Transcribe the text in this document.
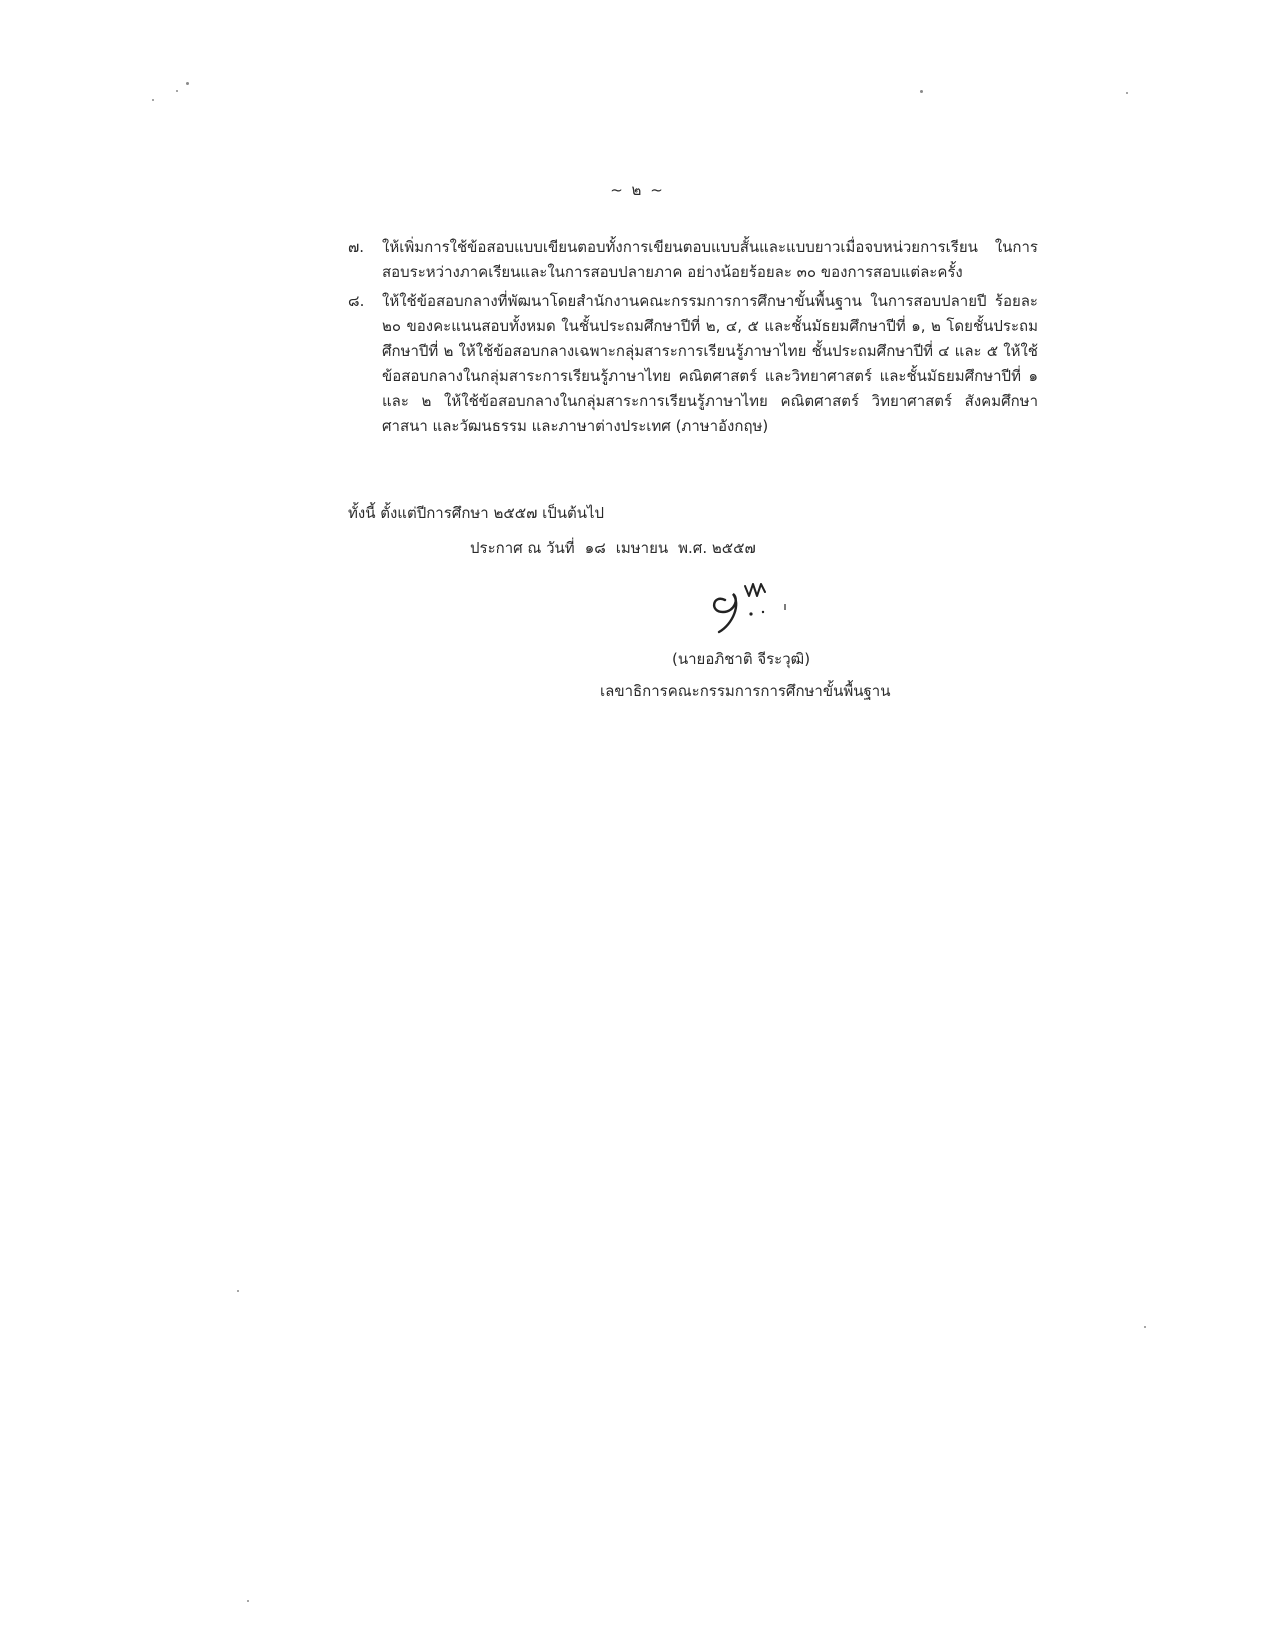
~ ๒ ~

๗. ให้เพิ่มการใช้ข้อสอบแบบเขียนตอบทั้งการเขียนตอบแบบสั้นและแบบยาวเมื่อจบหน่วยการเรียน ในการสอบระหว่างภาคเรียนและในการสอบปลายภาค อย่างน้อยร้อยละ ๓๐ ของการสอบแต่ละครั้ง

๘. ให้ใช้ข้อสอบกลางที่พัฒนาโดยสำนักงานคณะกรรมการการศึกษาขั้นพื้นฐาน ในการสอบปลายปี ร้อยละ ๒๐ ของคะแนนสอบทั้งหมด ในชั้นประถมศึกษาปีที่ ๒, ๔, ๕ และชั้นมัธยมศึกษาปีที่ ๑, ๒ โดยชั้นประถมศึกษาปีที่ ๒ ให้ใช้ข้อสอบกลางเฉพาะกลุ่มสาระการเรียนรู้ภาษาไทย ชั้นประถมศึกษาปีที่ ๔ และ ๕ ให้ใช้ข้อสอบกลางในกลุ่มสาระการเรียนรู้ภาษาไทย คณิตศาสตร์ และวิทยาศาสตร์ และชั้นมัธยมศึกษาปีที่ ๑ และ ๒ ให้ใช้ข้อสอบกลางในกลุ่มสาระการเรียนรู้ภาษาไทย คณิตศาสตร์ วิทยาศาสตร์ สังคมศึกษา ศาสนา และวัฒนธรรม และภาษาต่างประเทศ (ภาษาอังกฤษ)

ทั้งนี้ ตั้งแต่ปีการศึกษา ๒๕๕๗ เป็นต้นไป
ประกาศ ณ วันที่ ๑๘ เมษายน พ.ศ. ๒๕๕๗
(นายอภิชาติ จีระวุฒิ)
เลขาธิการคณะกรรมการการศึกษาขั้นพื้นฐาน
